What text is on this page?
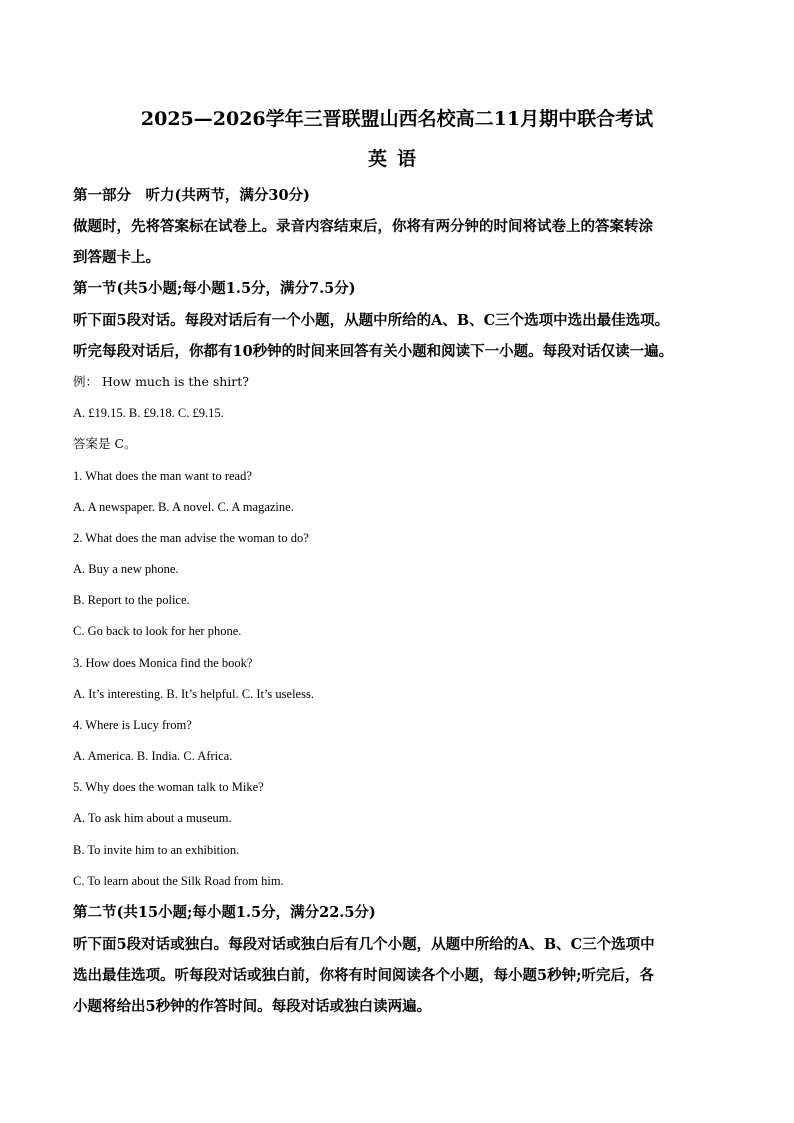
2025—2026学年三晋联盟山西名校高二11月期中联合考试
英语
第一部分　听力(共两节，满分30分)
做题时，先将答案标在试卷上。录音内容结束后，你将有两分钟的时间将试卷上的答案转涂
到答题卡上。
第一节(共5小题;每小题1.5分，满分7.5分)
听下面5段对话。每段对话后有一个小题，从题中所给的A、B、C三个选项中选出最佳选项。
听完每段对话后，你都有10秒钟的时间来回答有关小题和阅读下一小题。每段对话仅读一遍。
例： How much is the shirt?
A. £19.15. B. £9.18. C. £9.15.
答案是 C。
1. What does the man want to read?
A. A newspaper. B. A novel. C. A magazine.
2. What does the man advise the woman to do?
A. Buy a new phone.
B. Report to the police.
C. Go back to look for her phone.
3. How does Monica find the book?
A. It’s interesting. B. It’s helpful. C. It’s useless.
4. Where is Lucy from?
A. America. B. India. C. Africa.
5. Why does the woman talk to Mike?
A. To ask him about a museum.
B. To invite him to an exhibition.
C. To learn about the Silk Road from him.
第二节(共15小题;每小题1.5分，满分22.5分)
听下面5段对话或独白。每段对话或独白后有几个小题，从题中所给的A、B、C三个选项中
选出最佳选项。听每段对话或独白前，你将有时间阅读各个小题，每小题5秒钟;听完后，各
小题将给出5秒钟的作答时间。每段对话或独白读两遍。
